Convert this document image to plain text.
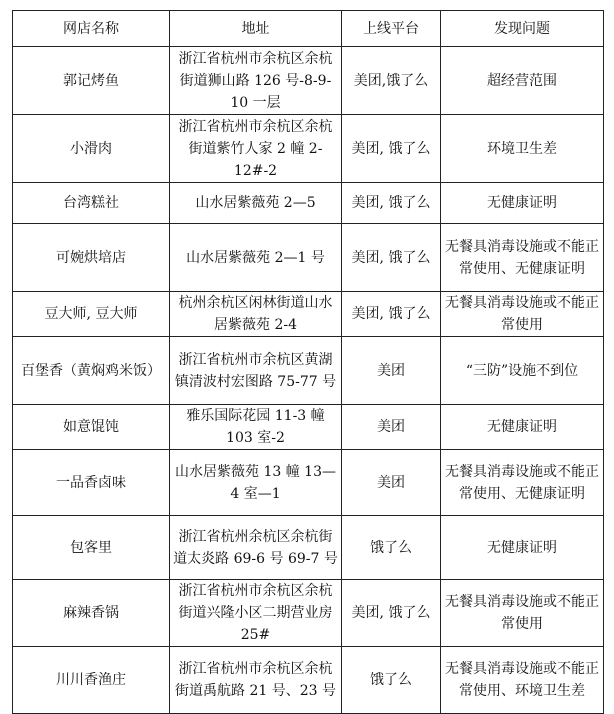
网店名称	地址	上线平台	发现问题
郭记烤鱼	浙江省杭州市余杭区余杭街道狮山路 126 号-8-9-10 一层	美团,饿了么	超经营范围
小滑肉	浙江省杭州市余杭区余杭街道紫竹人家 2 幢 2-12#-2	美团, 饿了么	环境卫生差
台湾糕社	山水居紫薇苑 2—5	美团, 饿了么	无健康证明
可婉烘培店	山水居紫薇苑 2—1 号	美团, 饿了么	无餐具消毒设施或不能正常使用、无健康证明
豆大师, 豆大师	杭州余杭区闲林街道山水居紫薇苑 2-4	美团, 饿了么	无餐具消毒设施或不能正常使用
百堡香（黄焖鸡米饭）	浙江省杭州市余杭区黄湖镇清波村宏图路 75-77 号	美团	“三防”设施不到位
如意馄饨	雅乐国际花园 11-3 幢 103 室-2	美团	无健康证明
一品香卤味	山水居紫薇苑 13 幢 13—4 室—1	美团	无餐具消毒设施或不能正常使用、无健康证明
包客里	浙江省杭州余杭区余杭街道太炎路 69-6 号 69-7 号	饿了么	无健康证明
麻辣香锅	浙江省杭州市余杭区余杭街道兴隆小区二期营业房 25#	美团, 饿了么	无餐具消毒设施或不能正常使用
川川香渔庄	浙江省杭州市余杭区余杭街道禹航路 21 号、23 号	饿了么	无餐具消毒设施或不能正常使用、环境卫生差
